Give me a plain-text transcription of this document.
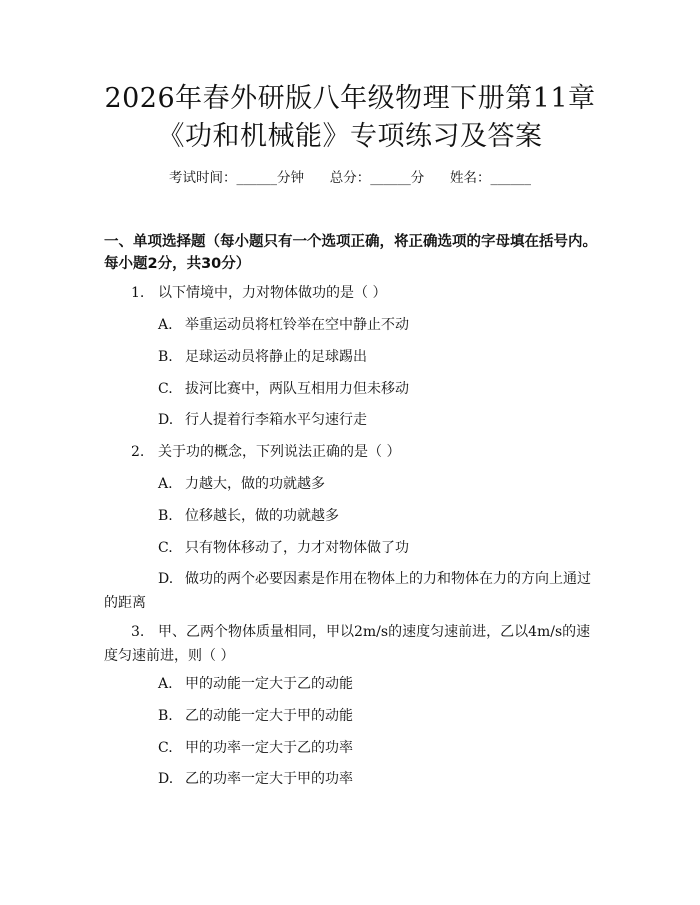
2026年春外研版八年级物理下册第11章
《功和机械能》专项练习及答案
考试时间：______分钟      总分：______分      姓名：______
一、单项选择题（每小题只有一个选项正确，将正确选项的字母填在括号内。每小题2分，共30分）
1. 以下情境中，力对物体做功的是（ ）
A. 举重运动员将杠铃举在空中静止不动
B. 足球运动员将静止的足球踢出
C. 拔河比赛中，两队互相用力但未移动
D. 行人提着行李箱水平匀速行走
2. 关于功的概念，下列说法正确的是（ ）
A. 力越大，做的功就越多
B. 位移越长，做的功就越多
C. 只有物体移动了，力才对物体做了功
D. 做功的两个必要因素是作用在物体上的力和物体在力的方向上通过的距离
3. 甲、乙两个物体质量相同，甲以2m/s的速度匀速前进，乙以4m/s的速度匀速前进，则（ ）
A. 甲的动能一定大于乙的动能
B. 乙的动能一定大于甲的动能
C. 甲的功率一定大于乙的功率
D. 乙的功率一定大于甲的功率
